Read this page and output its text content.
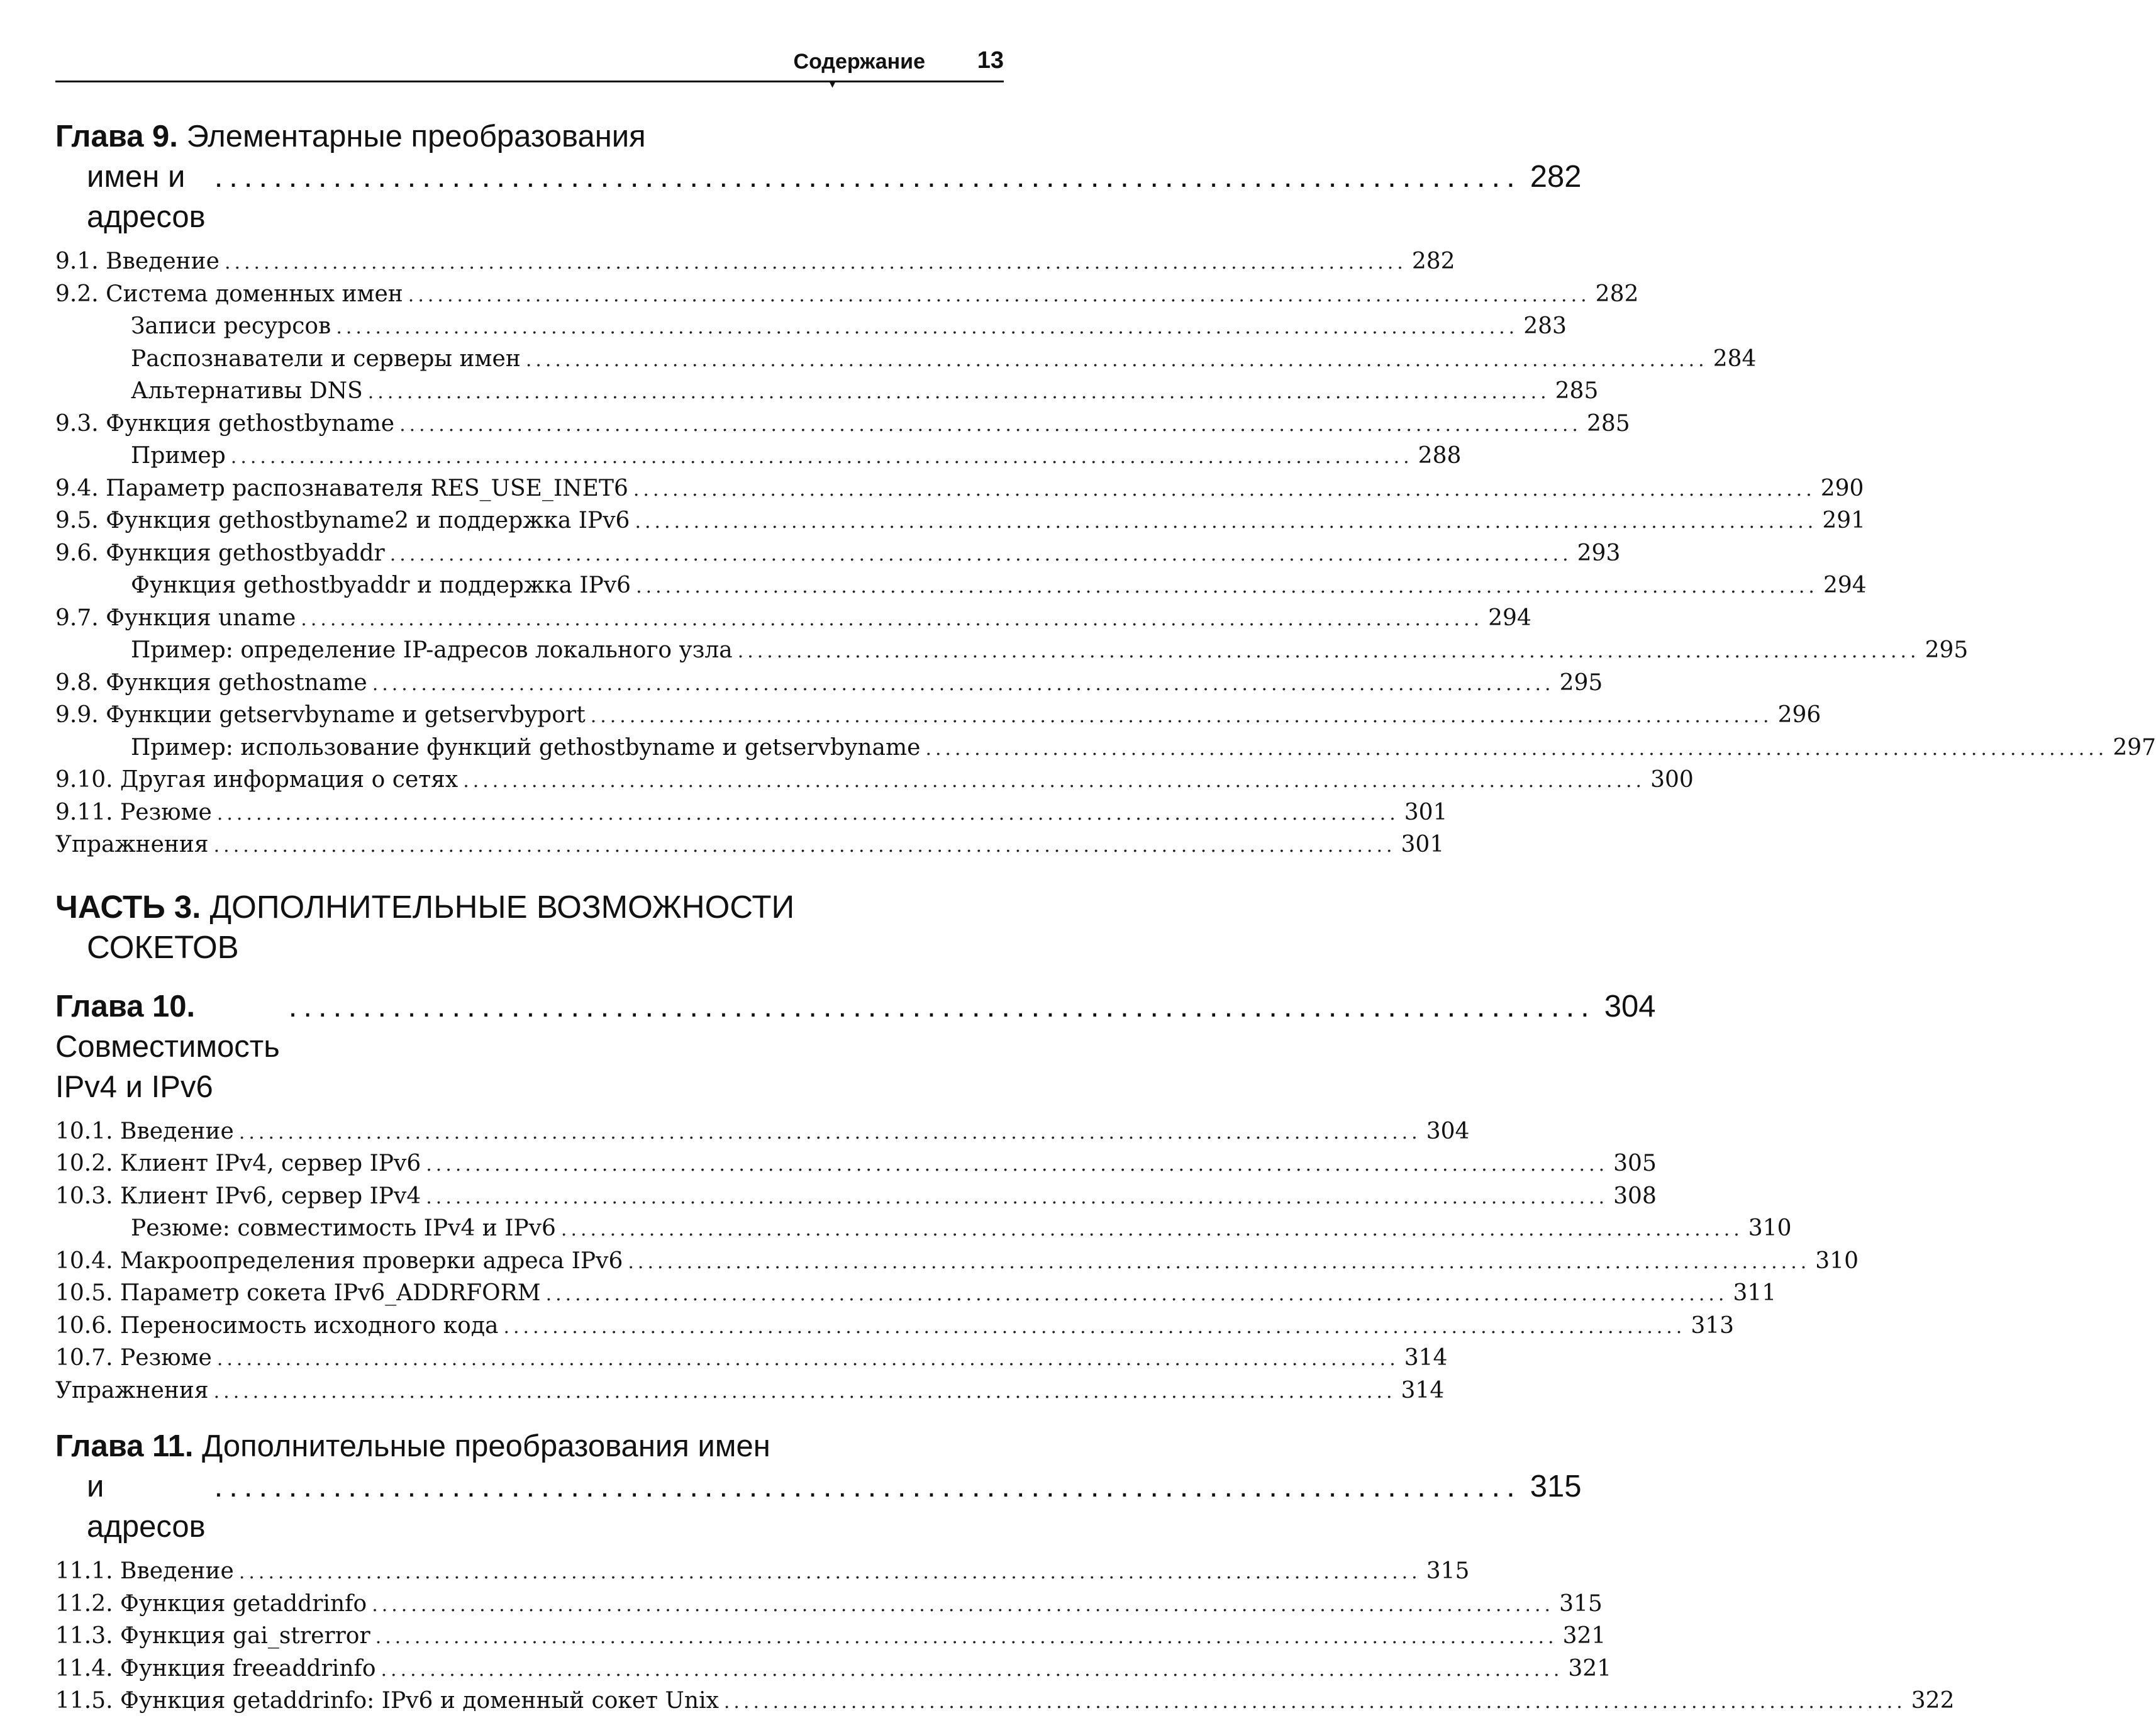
Содержание 13
▾
Глава 9. Элементарные преобразования
имен и адресов
........................................................................................ 282
9.1. Введение ......................................................................................................................... 282
9.2. Система доменных имен ......................................................................................................................... 282
Записи ресурсов ......................................................................................................................... 283
Распознаватели и серверы имен ......................................................................................................................... 284
Альтернативы DNS ......................................................................................................................... 285
9.3. Функция gethostbyname ......................................................................................................................... 285
Пример ......................................................................................................................... 288
9.4. Параметр распознавателя RES_USE_INET6 ......................................................................................................................... 290
9.5. Функция gethostbyname2 и поддержка IPv6 ......................................................................................................................... 291
9.6. Функция gethostbyaddr ......................................................................................................................... 293
Функция gethostbyaddr и поддержка IPv6 ......................................................................................................................... 294
9.7. Функция uname ......................................................................................................................... 294
Пример: определение IP-адресов локального узла ......................................................................................................................... 295
9.8. Функция gethostname ......................................................................................................................... 295
9.9. Функции getservbyname и getservbyport ......................................................................................................................... 296
Пример: использование функций gethostbyname и getservbyname ......................................................................................................................... 297
9.10. Другая информация о сетях ......................................................................................................................... 300
9.11. Резюме ......................................................................................................................... 301
Упражнения ......................................................................................................................... 301
ЧАСТЬ 3. ДОПОЛНИТЕЛЬНЫЕ ВОЗМОЖНОСТИ
СОКЕТОВ
Глава 10. Совместимость IPv4 и IPv6
........................................................................................ 304
10.1. Введение ......................................................................................................................... 304
10.2. Клиент IPv4, сервер IPv6 ......................................................................................................................... 305
10.3. Клиент IPv6, сервер IPv4 ......................................................................................................................... 308
Резюме: совместимость IPv4 и IPv6 ......................................................................................................................... 310
10.4. Макроопределения проверки адреса IPv6 ......................................................................................................................... 310
10.5. Параметр сокета IPv6_ADDRFORM ......................................................................................................................... 311
10.6. Переносимость исходного кода ......................................................................................................................... 313
10.7. Резюме ......................................................................................................................... 314
Упражнения ......................................................................................................................... 314
Глава 11. Дополнительные преобразования имен
и адресов
........................................................................................ 315
11.1. Введение ......................................................................................................................... 315
11.2. Функция getaddrinfo ......................................................................................................................... 315
11.3. Функция gai_strerror ......................................................................................................................... 321
11.4. Функция freeaddrinfo ......................................................................................................................... 321
11.5. Функция getaddrinfo: IPv6 и доменный сокет Unix ......................................................................................................................... 322
